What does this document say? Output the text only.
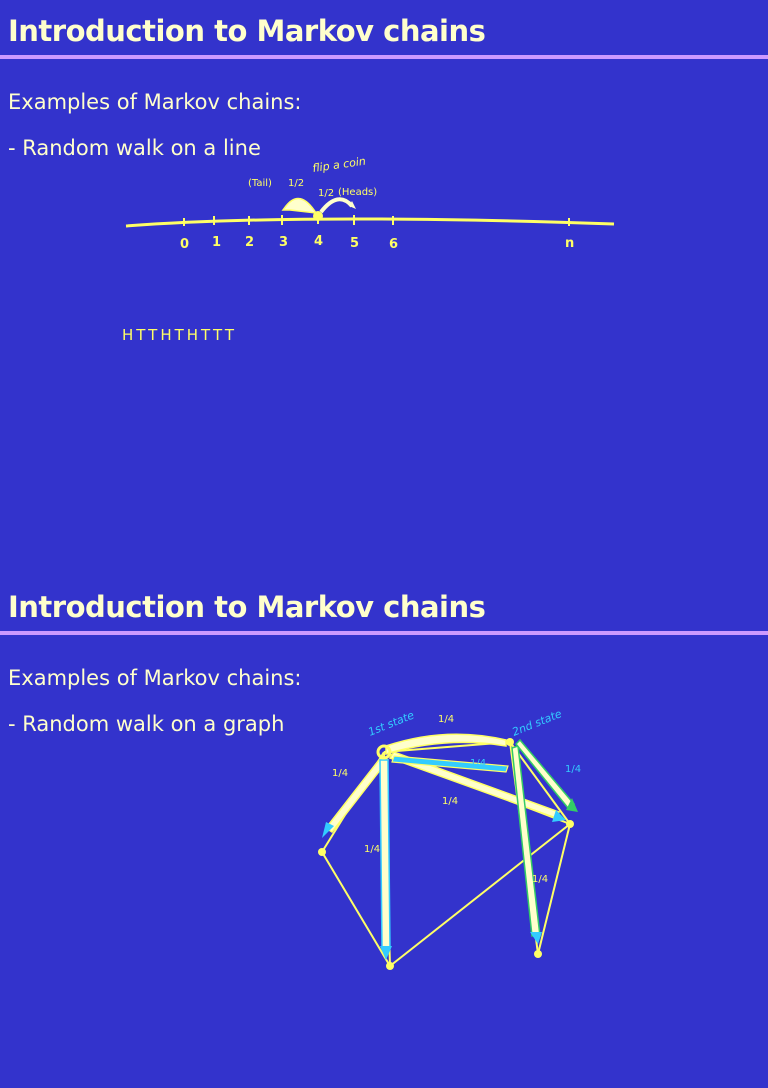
Introduction to Markov chains
Examples of Markov chains:
- Random walk on a line
0 1 2 3 4 5 6	n
flip a coin
(Tail) 1/2
1/2 (Heads)
HTTHTHTTT
Introduction to Markov chains
Examples of Markov chains:
- Random walk on a graph	1st state	2nd state
1/4
1/4
1/4
1/4
1/4
1/4
1/4
